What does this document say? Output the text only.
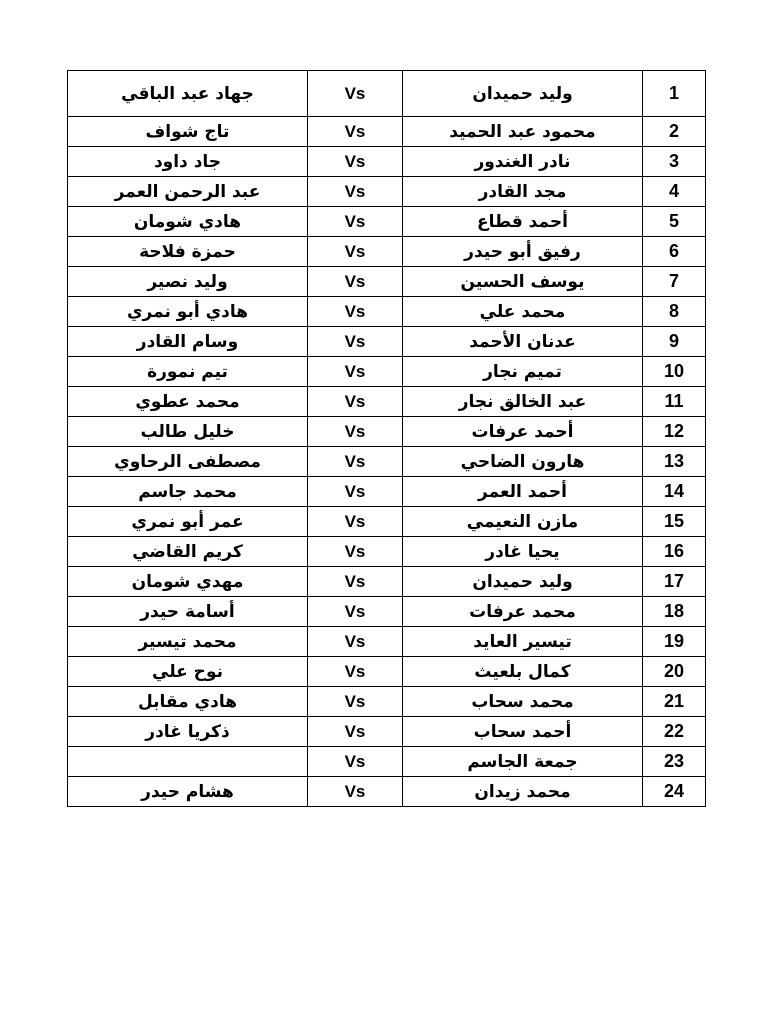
جهاد عبد الباقي	Vs	وليد حميدان	1
تاج شواف	Vs	محمود عبد الحميد	2
جاد داود	Vs	نادر الغندور	3
عبد الرحمن العمر	Vs	مجد القادر	4
هادي شومان	Vs	أحمد قطاع	5
حمزة فلاحة	Vs	رفيق أبو حيدر	6
وليد نصير	Vs	يوسف الحسين	7
هادي أبو نمري	Vs	محمد علي	8
وسام القادر	Vs	عدنان الأحمد	9
تيم نمورة	Vs	تميم نجار	10
محمد عطوي	Vs	عبد الخالق نجار	11
خليل طالب	Vs	أحمد عرفات	12
مصطفى الرحاوي	Vs	هارون الضاحي	13
محمد جاسم	Vs	أحمد العمر	14
عمر أبو نمري	Vs	مازن النعيمي	15
كريم القاضي	Vs	يحيا غادر	16
مهدي شومان	Vs	وليد حميدان	17
أسامة حيدر	Vs	محمد عرفات	18
محمد تيسير	Vs	تيسير العايد	19
نوح علي	Vs	كمال بلعيث	20
هادي مقابل	Vs	محمد سحاب	21
ذكريا غادر	Vs	أحمد سحاب	22
	Vs	جمعة الجاسم	23
هشام حيدر	Vs	محمد زيدان	24
